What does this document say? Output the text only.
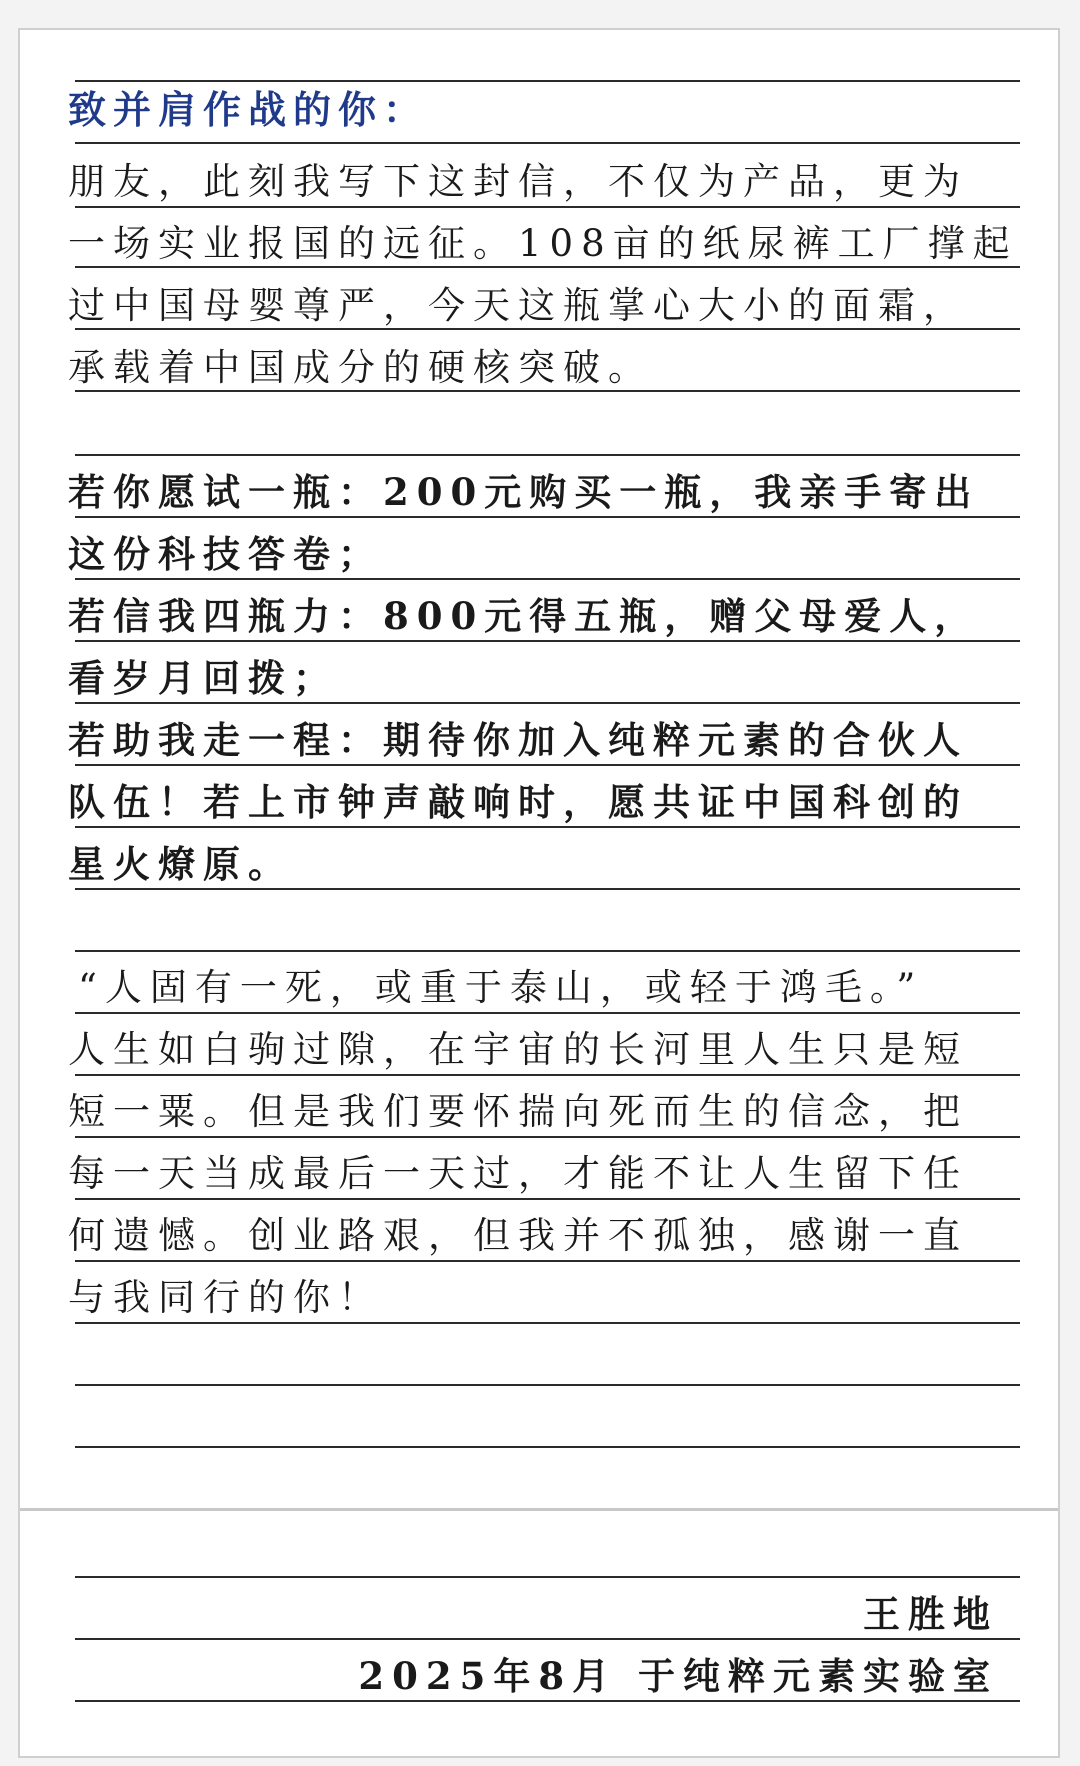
致并肩作战的你：
朋友，此刻我写下这封信，不仅为产品，更为
一场实业报国的远征。108亩的纸尿裤工厂撑起
过中国母婴尊严，今天这瓶掌心大小的面霜，
承载着中国成分的硬核突破。
若你愿试一瓶：200元购买一瓶，我亲手寄出
这份科技答卷；
若信我四瓶力：800元得五瓶，赠父母爱人，
看岁月回拨；
若助我走一程：期待你加入纯粹元素的合伙人
队伍！若上市钟声敲响时，愿共证中国科创的
星火燎原。
“人固有一死，或重于泰山，或轻于鸿毛。”
人生如白驹过隙，在宇宙的长河里人生只是短
短一粟。但是我们要怀揣向死而生的信念，把
每一天当成最后一天过，才能不让人生留下任
何遗憾。创业路艰，但我并不孤独，感谢一直
与我同行的你！
王胜地
2025年8月 于纯粹元素实验室
